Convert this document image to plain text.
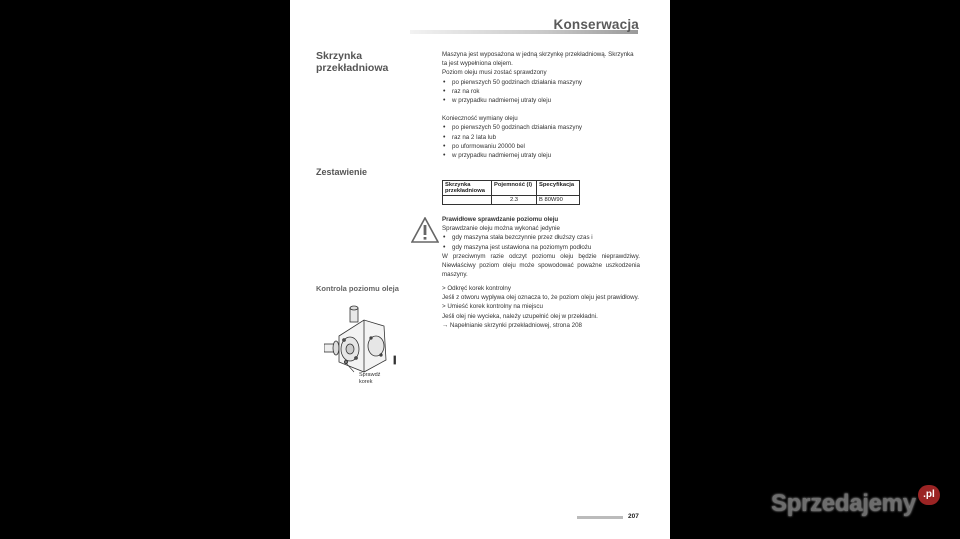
Konserwacja
Skrzynka przekładniowa

Maszyna jest wyposażona w jedną skrzynkę przekładniową. Skrzynka ta jest wypełniona olejem.

Poziom oleju musi zostać sprawdzony

• po pierwszych 50 godzinach działania maszyny

• raz na rok

• w przypadku nadmiernej utraty oleju

Konieczność wymiany oleju

• po pierwszych 50 godzinach działania maszyny

• raz na 2 lata lub

• po uformowaniu 20000 bel

• w przypadku nadmiernej utraty oleju

Zestawienie
Skrzynka przekładniowa	Pojemność (l)	Specyfikacja
	2.3	B 80W90

Prawidłowe sprawdzanie poziomu oleju

Sprawdzanie oleju można wykonać jedynie

• gdy maszyna stała bezczynnie przez dłuższy czas i

• gdy maszyna jest ustawiona na poziomym podłożu

W przeciwnym razie odczyt poziomu oleju będzie nieprawdziwy. Niewłaściwy poziom oleju może spowodować poważne uszkodzenia maszyny.

Kontrola poziomu oleja	> Odkręć korek kontrolny

Jeśli z otworu wypływa olej oznacza to, że poziom oleju jest prawidłowy.

> Umieść korek kontrolny na miejscu

Jeśli olej nie wycieka, należy uzupełnić olej w przekładni.

→ Napełnianie skrzynki przekładniowej, strona 208

Sprawdź korek
207	Sprzedajemy .pl
